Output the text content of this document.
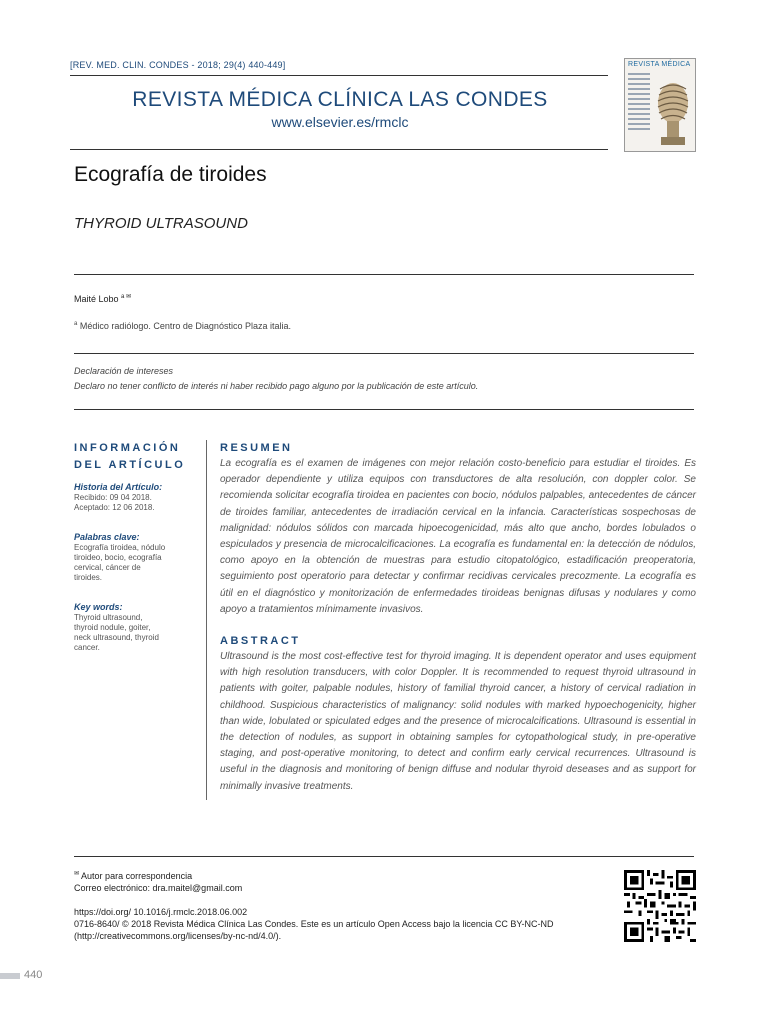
[REV. MED. CLIN. CONDES - 2018; 29(4) 440-449]
REVISTA MÉDICA CLÍNICA LAS CONDES
www.elsevier.es/rmclc
REVISTA MÉDICA
Ecografía de tiroides
THYROID ULTRASOUND
Maité Lobo $^{a ✉}$
$^a$ Médico radiólogo. Centro de Diagnóstico Plaza italia.
Declaración de intereses
Declaro no tener conflicto de interés ni haber recibido pago alguno por la publicación de este artículo.
INFORMACIÓN
DEL ARTÍCULO
Historia del Artículo:
Recibido: 09 04 2018.
Aceptado: 12 06 2018.
Palabras clave:
Ecografía tiroidea, nódulo
tiroideo, bocio, ecografía
cervical, cáncer de
tiroides.
Key words:
Thyroid ultrasound,
thyroid nodule, goiter,
neck ultrasound, thyroid
cancer.
RESUMEN
La ecografía es el examen de imágenes con mejor relación costo-beneficio para estudiar el tiroides. Es operador dependiente y utiliza equipos con transductores de alta resolución, con doppler color. Se recomienda solicitar ecografía tiroidea en pacientes con bocio, nódulos palpables, antecedentes de cáncer de tiroides familiar, antecedentes de irradiación cervical en la infancia. Características sospechosas de malignidad: nódulos sólidos con marcada hipoecogenicidad, más alto que ancho, bordes lobulados o espiculados y presencia de microcalcificaciones. La ecografía es fundamental en: la detección de nódulos, como apoyo en la obtención de muestras para estudio citopatológico, estadificación preoperatoria, seguimiento post operatorio para detectar y confirmar recidivas cervicales precozmente. La ecografía es útil en el diagnóstico y monitorización de enfermedades tiroideas benignas difusas y nodulares y como apoyo a tratamientos mínimamente invasivos.
ABSTRACT
Ultrasound is the most cost-effective test for thyroid imaging. It is dependent operator and uses equipment with high resolution transducers, with color Doppler. It is recommended to request thyroid ultrasound in patients with goiter, palpable nodules, history of familial thyroid cancer, a history of cervical radiation in childhood. Suspicious characteristics of malignancy: solid nodules with marked hypoechogenicity, higher than wide, lobulated or spiculated edges and the presence of microcalcifications. Ultrasound is essential in the detection of nodules, as support in obtaining samples for cytopathological study, in pre-operative staging, and post-operative monitoring, to detect and confirm early cervical recurrences. Ultrasound is useful in the diagnosis and monitoring of benign diffuse and nodular thyroid deseases and as support for minimally invasive treatments.
✉ Autor para correspondencia
Correo electrónico: dra.maitel@gmail.com
https://doi.org/ 10.1016/j.rmclc.2018.06.002
0716-8640/ © 2018 Revista Médica Clínica Las Condes. Este es un artículo Open Access bajo la licencia CC BY-NC-ND
(http://creativecommons.org/licenses/by-nc-nd/4.0/).
440
